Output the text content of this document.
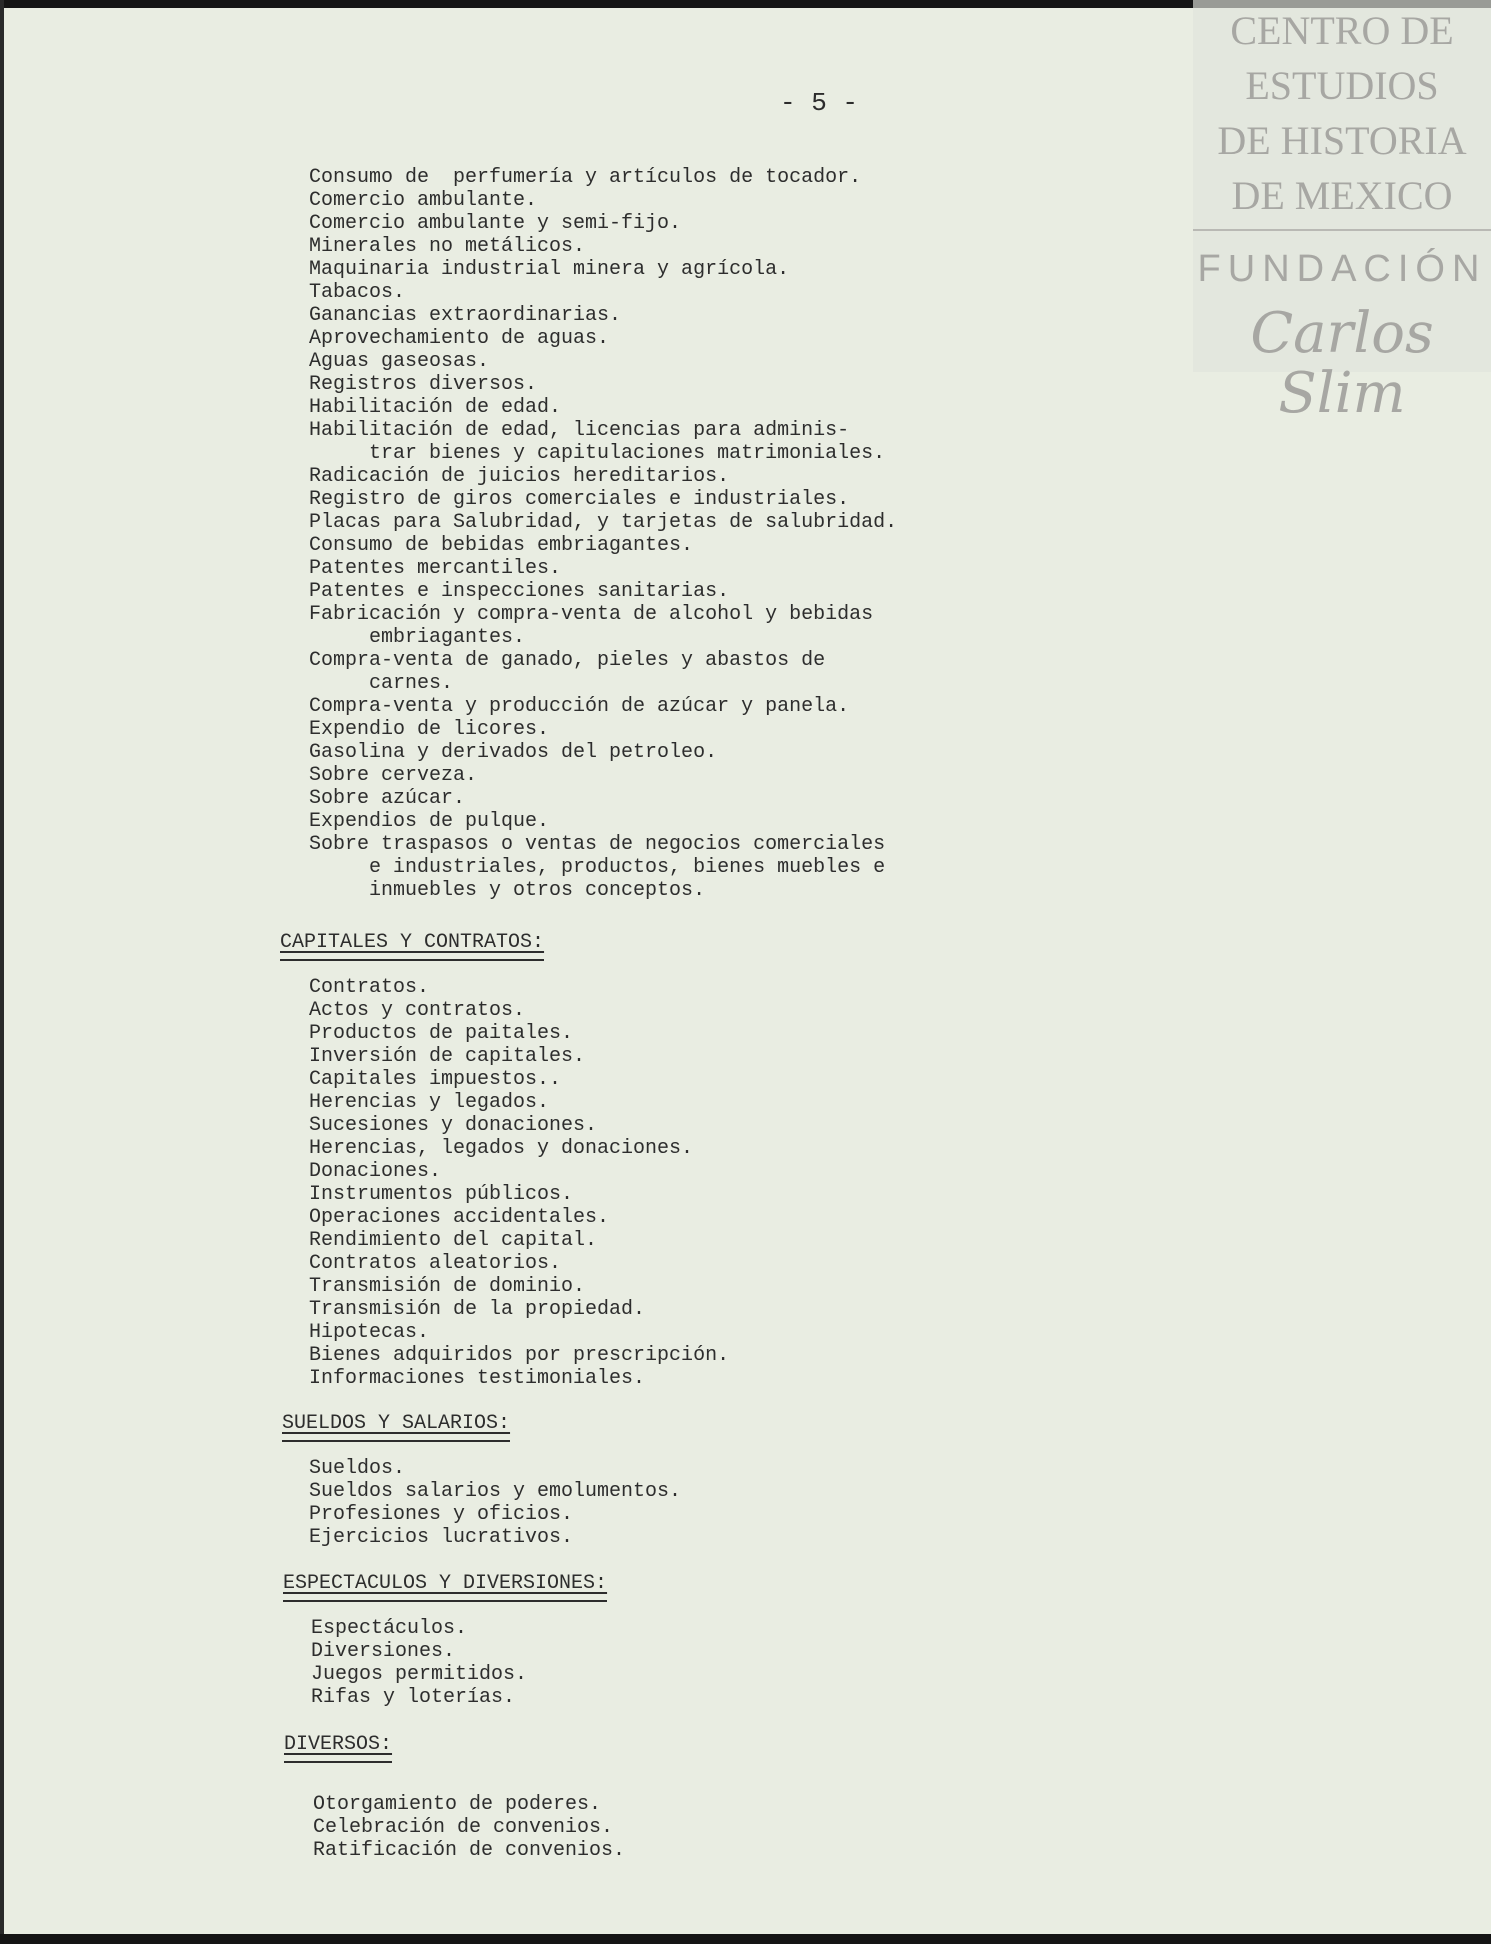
CENTRO DE
ESTUDIOS
DE HISTORIA
DE MEXICO
FUNDACIÓN
Carlos Slim
- 5 -
Consumo de  perfumería y artículos de tocador.
Comercio ambulante.
Comercio ambulante y semi-fijo.
Minerales no metálicos.
Maquinaria industrial minera y agrícola.
Tabacos.
Ganancias extraordinarias.
Aprovechamiento de aguas.
Aguas gaseosas.
Registros diversos.
Habilitación de edad.
Habilitación de edad, licencias para adminis-
trar bienes y capitulaciones matrimoniales.
Radicación de juicios hereditarios.
Registro de giros comerciales e industriales.
Placas para Salubridad, y tarjetas de salubridad.
Consumo de bebidas embriagantes.
Patentes mercantiles.
Patentes e inspecciones sanitarias.
Fabricación y compra-venta de alcohol y bebidas
embriagantes.
Compra-venta de ganado, pieles y abastos de
carnes.
Compra-venta y producción de azúcar y panela.
Expendio de licores.
Gasolina y derivados del petroleo.
Sobre cerveza.
Sobre azúcar.
Expendios de pulque.
Sobre traspasos o ventas de negocios comerciales
e industriales, productos, bienes muebles e
inmuebles y otros conceptos.
CAPITALES Y CONTRATOS:
Contratos.
Actos y contratos.
Productos de paitales.
Inversión de capitales.
Capitales impuestos..
Herencias y legados.
Sucesiones y donaciones.
Herencias, legados y donaciones.
Donaciones.
Instrumentos públicos.
Operaciones accidentales.
Rendimiento del capital.
Contratos aleatorios.
Transmisión de dominio.
Transmisión de la propiedad.
Hipotecas.
Bienes adquiridos por prescripción.
Informaciones testimoniales.
SUELDOS Y SALARIOS:
Sueldos.
Sueldos salarios y emolumentos.
Profesiones y oficios.
Ejercicios lucrativos.
ESPECTACULOS Y DIVERSIONES:
Espectáculos.
Diversiones.
Juegos permitidos.
Rifas y loterías.
DIVERSOS:
Otorgamiento de poderes.
Celebración de convenios.
Ratificación de convenios.
